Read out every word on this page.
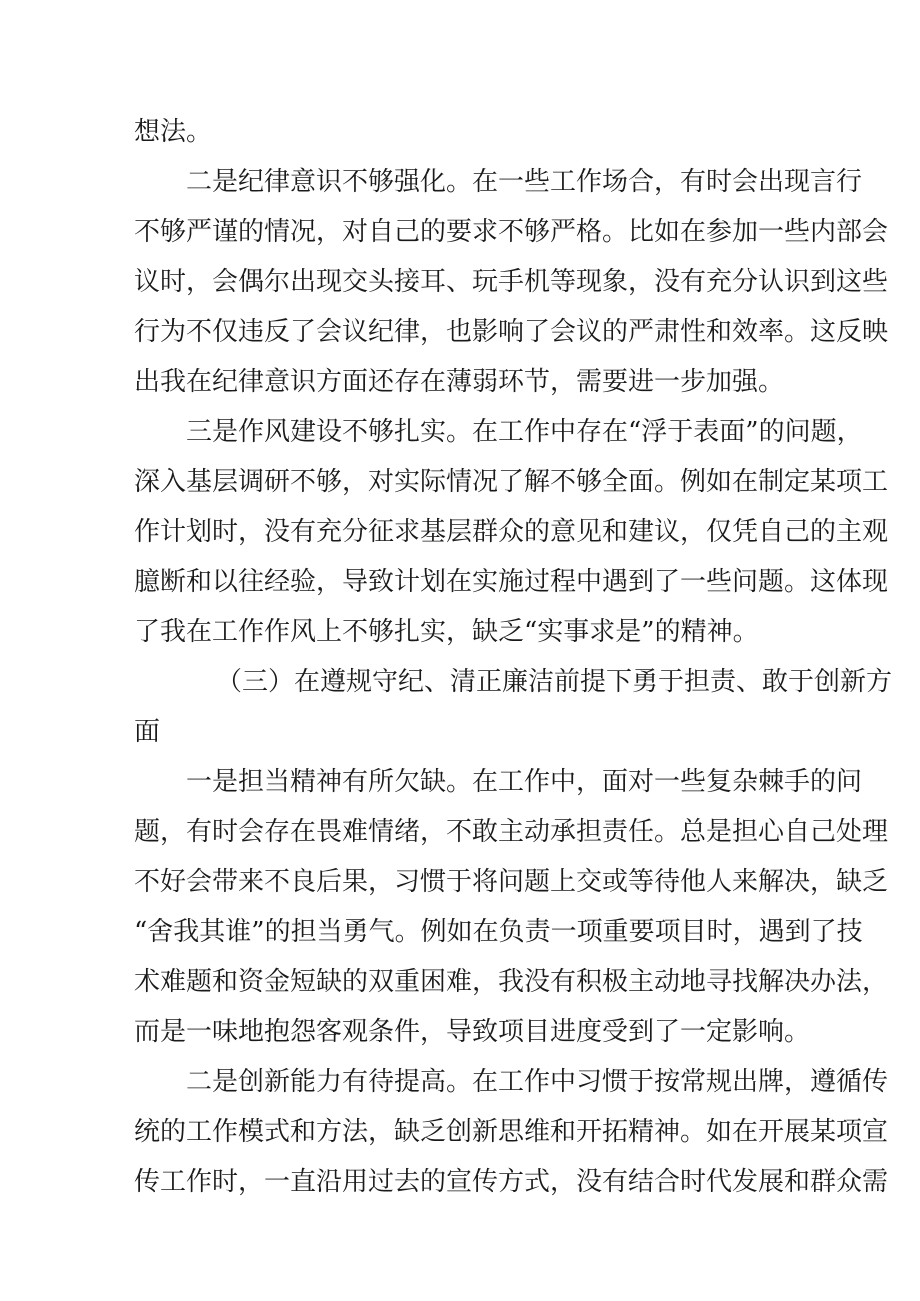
想法。
二是纪律意识不够强化。在一些工作场合，有时会出现言行
不够严谨的情况，对自己的要求不够严格。比如在参加一些内部会
议时，会偶尔出现交头接耳、玩手机等现象，没有充分认识到这些
行为不仅违反了会议纪律，也影响了会议的严肃性和效率。这反映
出我在纪律意识方面还存在薄弱环节，需要进一步加强。
三是作风建设不够扎实。在工作中存在“浮于表面”的问题，
深入基层调研不够，对实际情况了解不够全面。例如在制定某项工
作计划时，没有充分征求基层群众的意见和建议，仅凭自己的主观
臆断和以往经验，导致计划在实施过程中遇到了一些问题。这体现
了我在工作作风上不够扎实，缺乏“实事求是”的精神。
（三）在遵规守纪、清正廉洁前提下勇于担责、敢于创新方
面
一是担当精神有所欠缺。在工作中，面对一些复杂棘手的问
题，有时会存在畏难情绪，不敢主动承担责任。总是担心自己处理
不好会带来不良后果，习惯于将问题上交或等待他人来解决，缺乏
“舍我其谁”的担当勇气。例如在负责一项重要项目时，遇到了技
术难题和资金短缺的双重困难，我没有积极主动地寻找解决办法，
而是一味地抱怨客观条件，导致项目进度受到了一定影响。
二是创新能力有待提高。在工作中习惯于按常规出牌，遵循传
统的工作模式和方法，缺乏创新思维和开拓精神。如在开展某项宣
传工作时，一直沿用过去的宣传方式，没有结合时代发展和群众需
